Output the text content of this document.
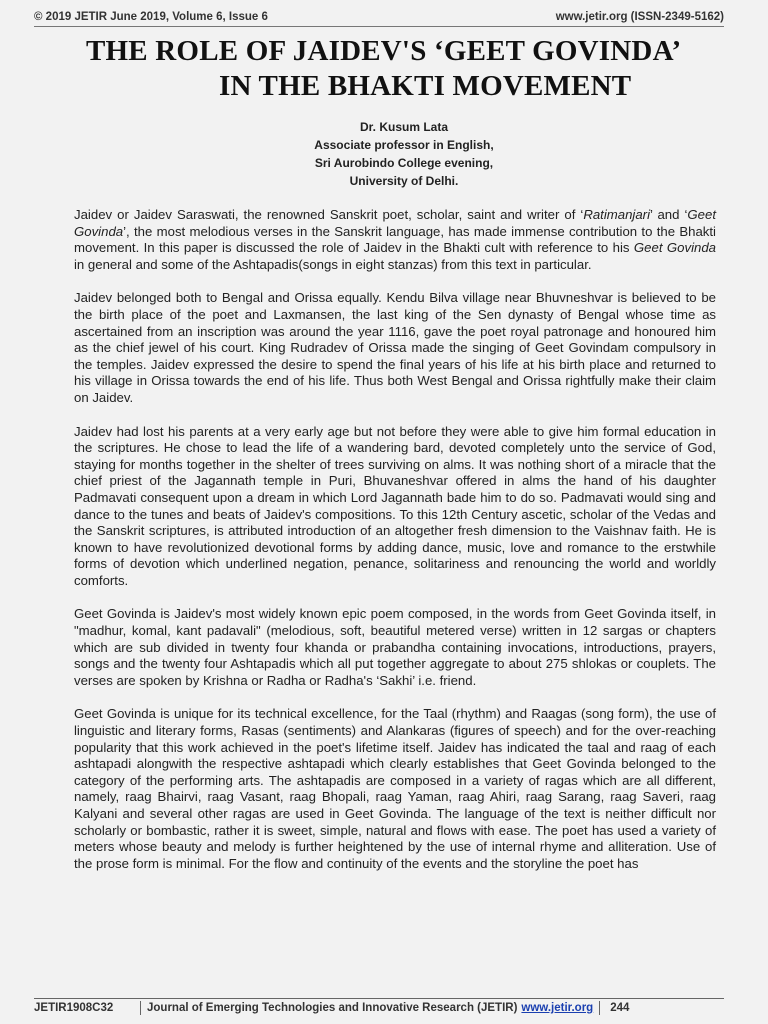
© 2019 JETIR June 2019, Volume 6, Issue 6	www.jetir.org (ISSN-2349-5162)
THE ROLE OF JAIDEV'S ‘GEET GOVINDA’
IN THE BHAKTI MOVEMENT
Dr. Kusum Lata
Associate professor in English,
Sri Aurobindo College evening,
University of Delhi.

Jaidev or Jaidev Saraswati, the renowned Sanskrit poet, scholar, saint and writer of ‘Ratimanjari’ and ‘Geet Govinda’, the most melodious verses in the Sanskrit language, has made immense contribution to the Bhakti movement. In this paper is discussed the role of Jaidev in the Bhakti cult with reference to his Geet Govinda in general and some of the Ashtapadis(songs in eight stanzas) from this text in particular.

Jaidev belonged both to Bengal and Orissa equally. Kendu Bilva village near Bhuvneshvar is believed to be the birth place of the poet and Laxmansen, the last king of the Sen dynasty of Bengal whose time as ascertained from an inscription was around the year 1116, gave the poet royal patronage and honoured him as the chief jewel of his court. King Rudradev of Orissa made the singing of Geet Govindam compulsory in the temples. Jaidev expressed the desire to spend the final years of his life at his birth place and returned to his village in Orissa towards the end of his life. Thus both West Bengal and Orissa rightfully make their claim on Jaidev.

Jaidev had lost his parents at a very early age but not before they were able to give him formal education in the scriptures. He chose to lead the life of a wandering bard, devoted completely unto the service of God, staying for months together in the shelter of trees surviving on alms. It was nothing short of a miracle that the chief priest of the Jagannath temple in Puri, Bhuvaneshvar offered in alms the hand of his daughter Padmavati consequent upon a dream in which Lord Jagannath bade him to do so. Padmavati would sing and dance to the tunes and beats of Jaidev's compositions. To this 12th Century ascetic, scholar of the Vedas and the Sanskrit scriptures, is attributed introduction of an altogether fresh dimension to the Vaishnav faith. He is known to have revolutionized devotional forms by adding dance, music, love and romance to the erstwhile forms of devotion which underlined negation, penance, solitariness and renouncing the world and worldly comforts.

Geet Govinda is Jaidev's most widely known epic poem composed, in the words from Geet Govinda itself, in "madhur, komal, kant padavali" (melodious, soft, beautiful metered verse) written in 12 sargas or chapters which are sub divided in twenty four khanda or prabandha containing invocations, introductions, prayers, songs and the twenty four Ashtapadis which all put together aggregate to about 275 shlokas or couplets. The verses are spoken by Krishna or Radha or Radha's ‘Sakhi’ i.e. friend.

Geet Govinda is unique for its technical excellence, for the Taal (rhythm) and Raagas (song form), the use of linguistic and literary forms, Rasas (sentiments) and Alankaras (figures of speech) and for the over-reaching popularity that this work achieved in the poet's lifetime itself. Jaidev has indicated the taal and raag of each ashtapadi alongwith the respective ashtapadi which clearly establishes that Geet Govinda belonged to the category of the performing arts. The ashtapadis are composed in a variety of ragas which are all different, namely, raag Bhairvi, raag Vasant, raag Bhopali, raag Yaman, raag Ahiri, raag Sarang, raag Saveri, raag Kalyani and several other ragas are used in Geet Govinda. The language of the text is neither difficult nor scholarly or bombastic, rather it is sweet, simple, natural and flows with ease. The poet has used a variety of meters whose beauty and melody is further heightened by the use of internal rhyme and alliteration. Use of the prose form is minimal. For the flow and continuity of the events and the storyline the poet has

JETIR1908C32	Journal of Emerging Technologies and Innovative Research (JETIR) www.jetir.org 244
